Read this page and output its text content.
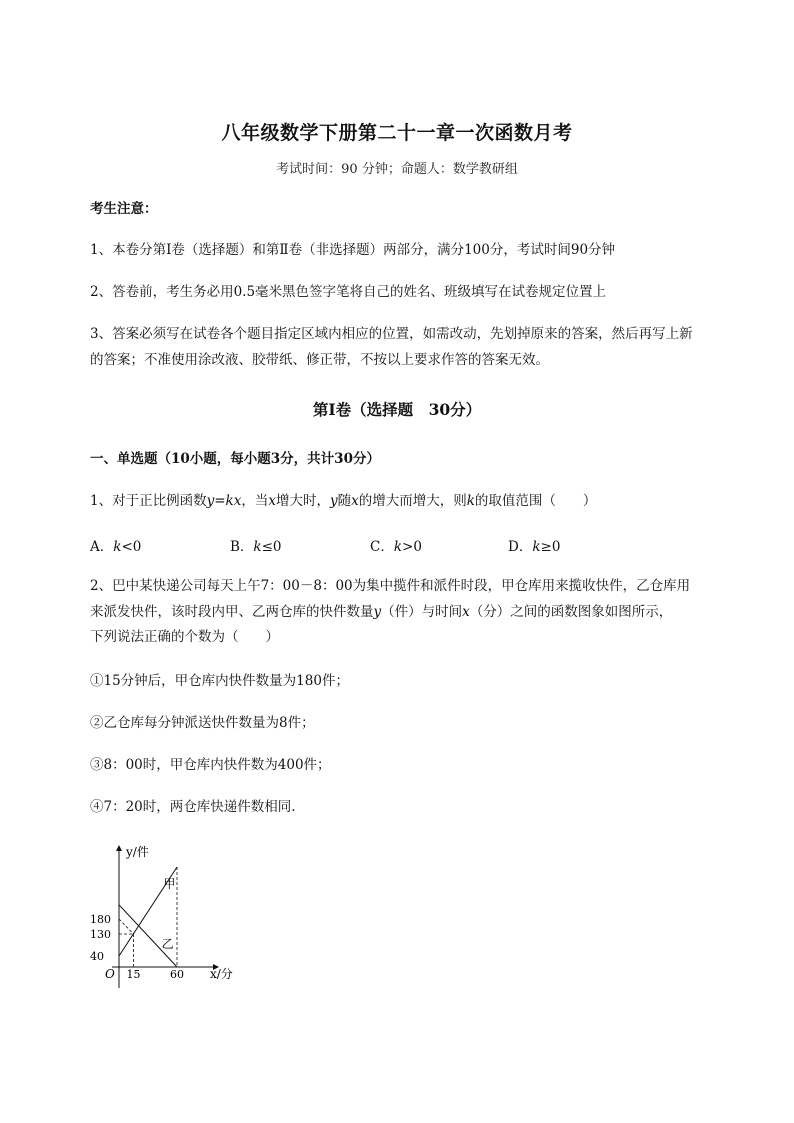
八年级数学下册第二十一章一次函数月考
考试时间：90 分钟；命题人：数学教研组
考生注意：
1、本卷分第I卷（选择题）和第Ⅱ卷（非选择题）两部分，满分100分，考试时间90分钟
2、答卷前，考生务必用0.5毫米黑色签字笔将自己的姓名、班级填写在试卷规定位置上
3、答案必须写在试卷各个题目指定区域内相应的位置，如需改动，先划掉原来的答案，然后再写上新
的答案；不准使用涂改液、胶带纸、修正带，不按以上要求作答的答案无效。
第I卷（选择题　30分）
一、单选题（10小题，每小题3分，共计30分）
1、对于正比例函数y=kx，当x增大时，y随x的增大而增大，则k的取值范围（　　）
A．k<0	B．k≤0	C．k>0	D．k≥0
2、巴中某快递公司每天上午7：00－8：00为集中揽件和派件时段，甲仓库用来揽收快件，乙仓库用
来派发快件，该时段内甲、乙两仓库的快件数量y（件）与时间x（分）之间的函数图象如图所示，
下列说法正确的个数为（　　）
①15分钟后，甲仓库内快件数量为180件；
②乙仓库每分钟派送快件数量为8件；
③8：00时，甲仓库内快件数为400件；
④7：20时，两仓库快递件数相同.
y/件
x/分
O
40
130
180
15	60
甲
乙
